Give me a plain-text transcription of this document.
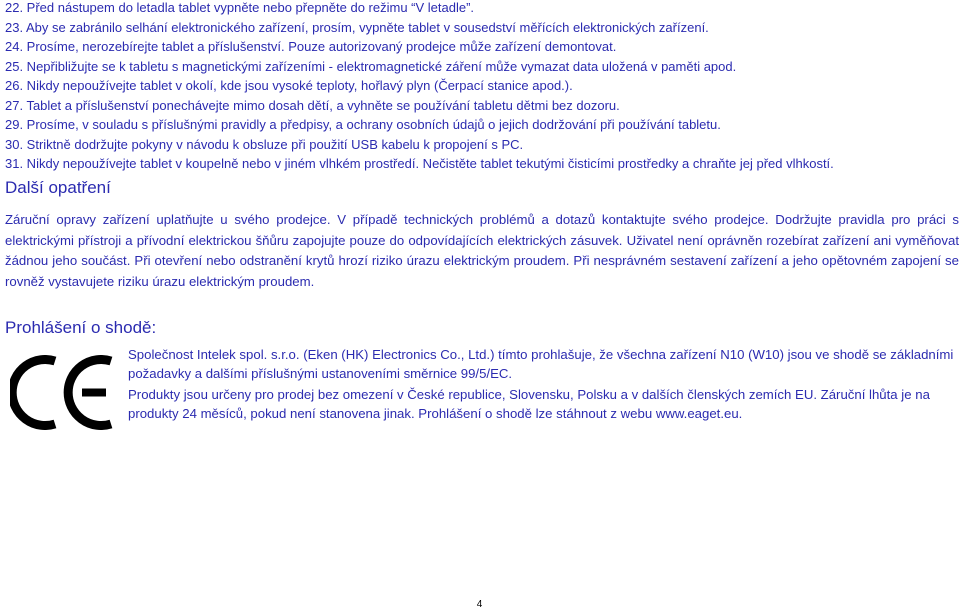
22. Před nástupem do letadla tablet vypněte nebo přepněte do režimu “V letadle”.
23. Aby se zabránilo selhání elektronického zařízení, prosím, vypněte tablet v sousedství měřících elektronických zařízení.
24. Prosíme, nerozebírejte tablet a příslušenství. Pouze autorizovaný prodejce může zařízení demontovat.
25. Nepřibližujte se k tabletu s magnetickými zařízeními - elektromagnetické záření může vymazat data uložená v paměti apod.
26. Nikdy nepoužívejte tablet v okolí, kde jsou vysoké teploty, hořlavý plyn (Čerpací stanice apod.).
27. Tablet a příslušenství ponechávejte mimo dosah dětí, a vyhněte se používání tabletu dětmi bez dozoru.
29. Prosíme, v souladu s příslušnými pravidly a předpisy, a ochrany osobních údajů o jejich dodržování při používání tabletu.
30. Striktně dodržujte pokyny v návodu k obsluze při použití USB kabelu k propojení s PC.
31. Nikdy nepoužívejte tablet v koupelně nebo v jiném vlhkém prostředí. Nečistěte tablet tekutými čisticími prostředky a chraňte jej před vlhkostí.
Další opatření

Záruční opravy zařízení uplatňujte u svého prodejce. V případě technických problémů a dotazů kontaktujte svého prodejce. Dodržujte pravidla pro práci s elektrickými přístroji a přívodní elektrickou šňůru zapojujte pouze do odpovídajících elektrických zásuvek. Uživatel není oprávněn rozebírat zařízení ani vyměňovat žádnou jeho součást. Při otevření nebo odstranění krytů hrozí riziko úrazu elektrickým proudem. Při nesprávném sestavení zařízení a jeho opětovném zapojení se rovněž vystavujete riziku úrazu elektrickým proudem.

Prohlášení o shodě:

Společnost Intelek spol. s.r.o. (Eken (HK) Electronics Co., Ltd.) tímto prohlašuje, že všechna zařízení N10 (W10) jsou ve shodě se základními požadavky a dalšími příslušnými ustanoveními směrnice 99/5/EC.

Produkty jsou určeny pro prodej bez omezení v České republice, Slovensku, Polsku a v dalších členských zemích EU. Záruční lhůta je na produkty 24 měsíců, pokud není stanovena jinak. Prohlášení o shodě lze stáhnout z webu www.eaget.eu.

4
